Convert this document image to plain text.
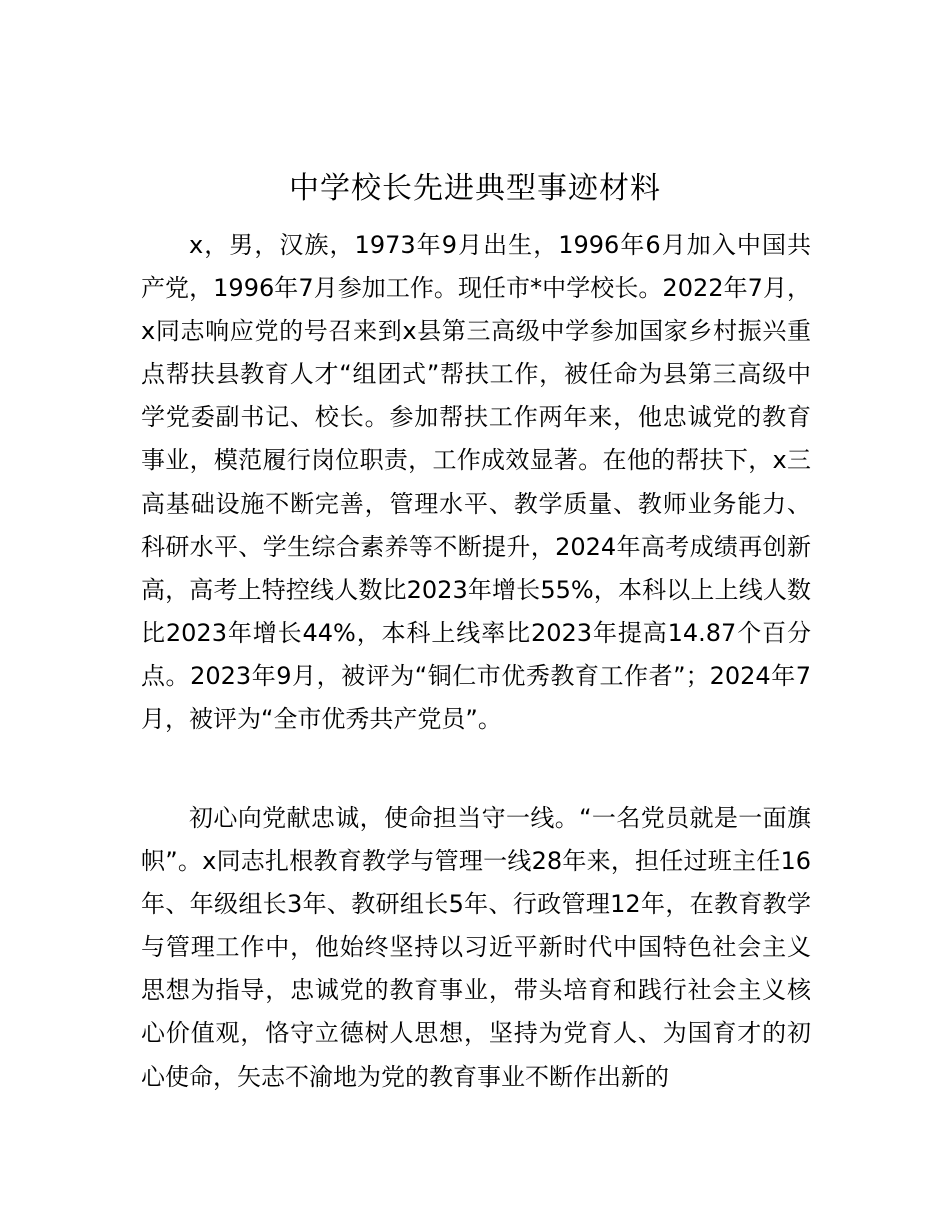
中学校长先进典型事迹材料

x，男，汉族，1973年9月出生，1996年6月加入中国共产党，1996年7月参加工作。现任市*中学校长。2022年7月，x同志响应党的号召来到x县第三高级中学参加国家乡村振兴重点帮扶县教育人才“组团式”帮扶工作，被任命为县第三高级中学党委副书记、校长。参加帮扶工作两年来，他忠诚党的教育事业，模范履行岗位职责，工作成效显著。在他的帮扶下，x三高基础设施不断完善，管理水平、教学质量、教师业务能力、科研水平、学生综合素养等不断提升，2024年高考成绩再创新高，高考上特控线人数比2023年增长55%，本科以上上线人数比2023年增长44%，本科上线率比2023年提高14.87个百分点。2023年9月，被评为“铜仁市优秀教育工作者”；2024年7月，被评为“全市优秀共产党员”。

初心向党献忠诚，使命担当守一线。“一名党员就是一面旗帜”。x同志扎根教育教学与管理一线28年来，担任过班主任16年、年级组长3年、教研组长5年、行政管理12年，在教育教学与管理工作中，他始终坚持以习近平新时代中国特色社会主义思想为指导，忠诚党的教育事业，带头培育和践行社会主义核心价值观，恪守立德树人思想，坚持为党育人、为国育才的初心使命，矢志不渝地为党的教育事业不断作出新的
